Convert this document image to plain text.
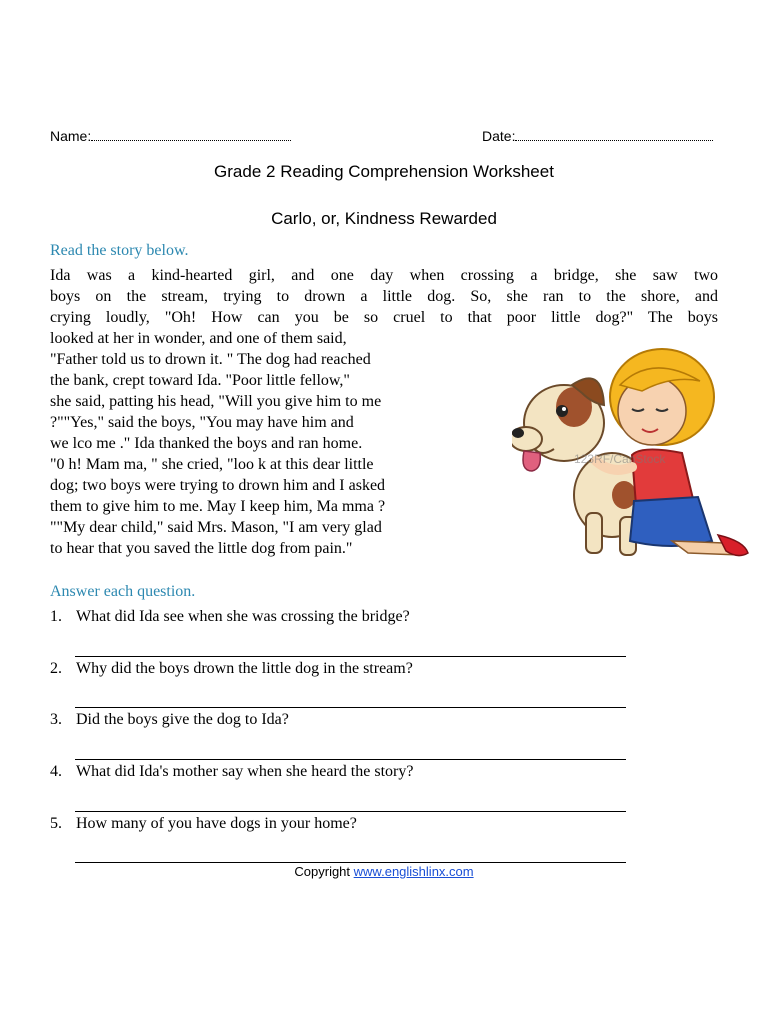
Name:	Date:
Grade 2 Reading Comprehension Worksheet
Carlo, or, Kindness Rewarded
Read the story below.
Ida was a kind-hearted girl, and one day when crossing a bridge, she saw two
boys on the stream, trying to drown a little dog. So, she ran to the shore, and
crying loudly, "Oh! How can you be so cruel to that poor little dog?" The boys
looked at her in wonder, and one of them said,
"Father told us to drown it. " The dog had reached
the bank, crept toward Ida. "Poor little fellow,"
she said, patting his head, "Will you give him to me
?""Yes," said the boys, "You may have him and
we lco me ." Ida thanked the boys and ran home.
"0 h! Mam ma, " she cried, "loo k at this dear little
dog; two boys were trying to drown him and I asked
them to give him to me. May I keep him, Ma mma ?
""My dear child," said Mrs. Mason, "I am very glad
to hear that you saved the little dog from pain."
123RF/CanStock
Answer each question.
1. What did Ida see when she was crossing the bridge?
2. Why did the boys drown the little dog in the stream?
3. Did the boys give the dog to Ida?
4. What did Ida's mother say when she heard the story?
5. How many of you have dogs in your home?
Copyright www.englishlinx.com
